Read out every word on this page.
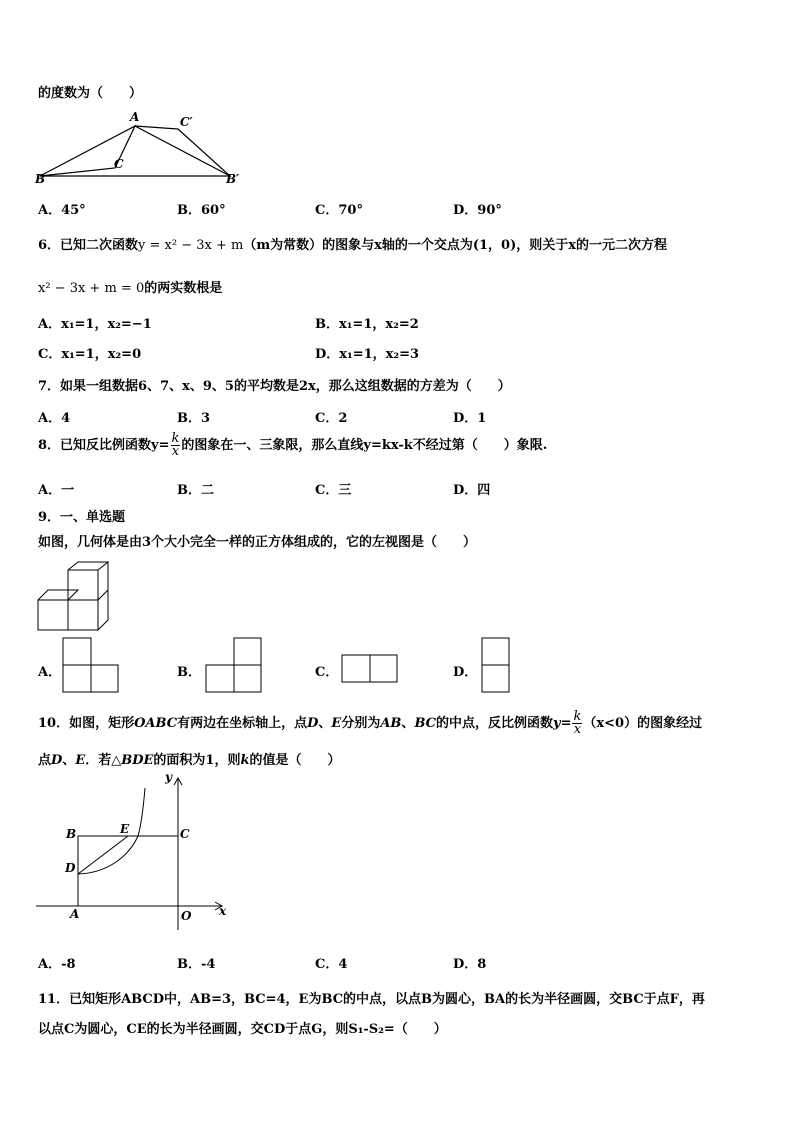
的度数为（　　）
A	C′
C
B	B′
A．45°	B．60°	C．70°	D．90°
6．已知二次函数y = x² − 3x + m（m为常数）的图象与x轴的一个交点为(1，0)，则关于x的一元二次方程
x² − 3x + m = 0的两实数根是
A．x₁=1，x₂=−1	B．x₁=1，x₂=2
C．x₁=1，x₂=0	D．x₁=1，x₂=3
7．如果一组数据6、7、x、9、5的平均数是2x，那么这组数据的方差为（　　）
A．4	B．3	C．2	D．1
8．已知反比例函数$y= \frac{k}{x}$ 的图象在一、三象限，那么直线y=kx-k不经过第（　　）象限.
A．一	B．二	C．三	D．四
9．一、单选题
如图，几何体是由3个大小完全一样的正方体组成的，它的左视图是（　　）
A．	B．	C．	D．
10．如图，矩形OABC有两边在坐标轴上，点D、E分别为AB、BC的中点，反比例函数$y= \frac{k}{x} (x<0)$的图象经过
点D、E．若△BDE的面积为1，则k的值是（　　）
y
x
B	E	C
D
A	O
A．-8	B．-4	C．4	D．8
11．已知矩形ABCD中，AB=3，BC=4，E为BC的中点，以点B为圆心，BA的长为半径画圆，交BC于点F，再
以点C为圆心，CE的长为半径画圆，交CD于点G，则S₁-S₂=（　　）
